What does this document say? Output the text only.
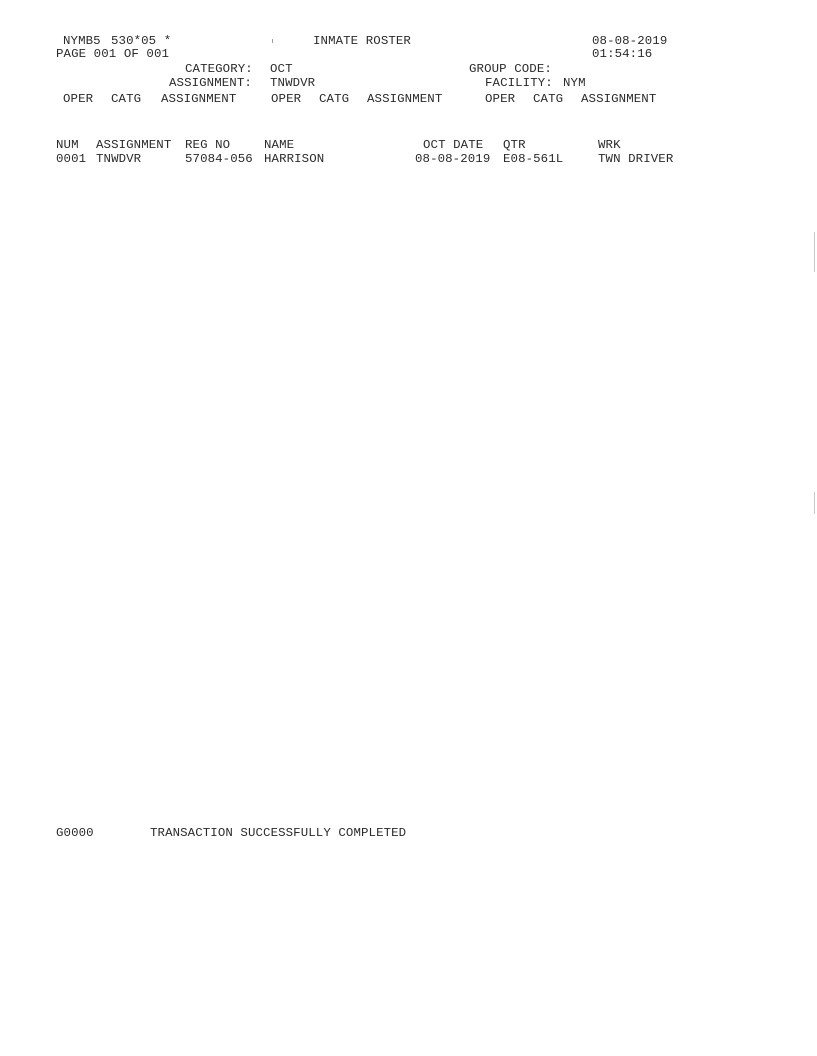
NYMB5 530*05 *	INMATE ROSTER	08-08-2019
PAGE 001 OF 001	01:54:16
CATEGORY: OCT	GROUP CODE:
ASSIGNMENT: TNWDVR	FACILITY: NYM
OPER CATG ASSIGNMENT	OPER CATG ASSIGNMENT	OPER CATG ASSIGNMENT
NUM ASSIGNMENT REG NO	NAME	OCT DATE QTR	WRK
0001 TNWDVR	57084-056 HARRISON	08-08-2019 E08-561L	TWN DRIVER
G0000	TRANSACTION SUCCESSFULLY COMPLETED
